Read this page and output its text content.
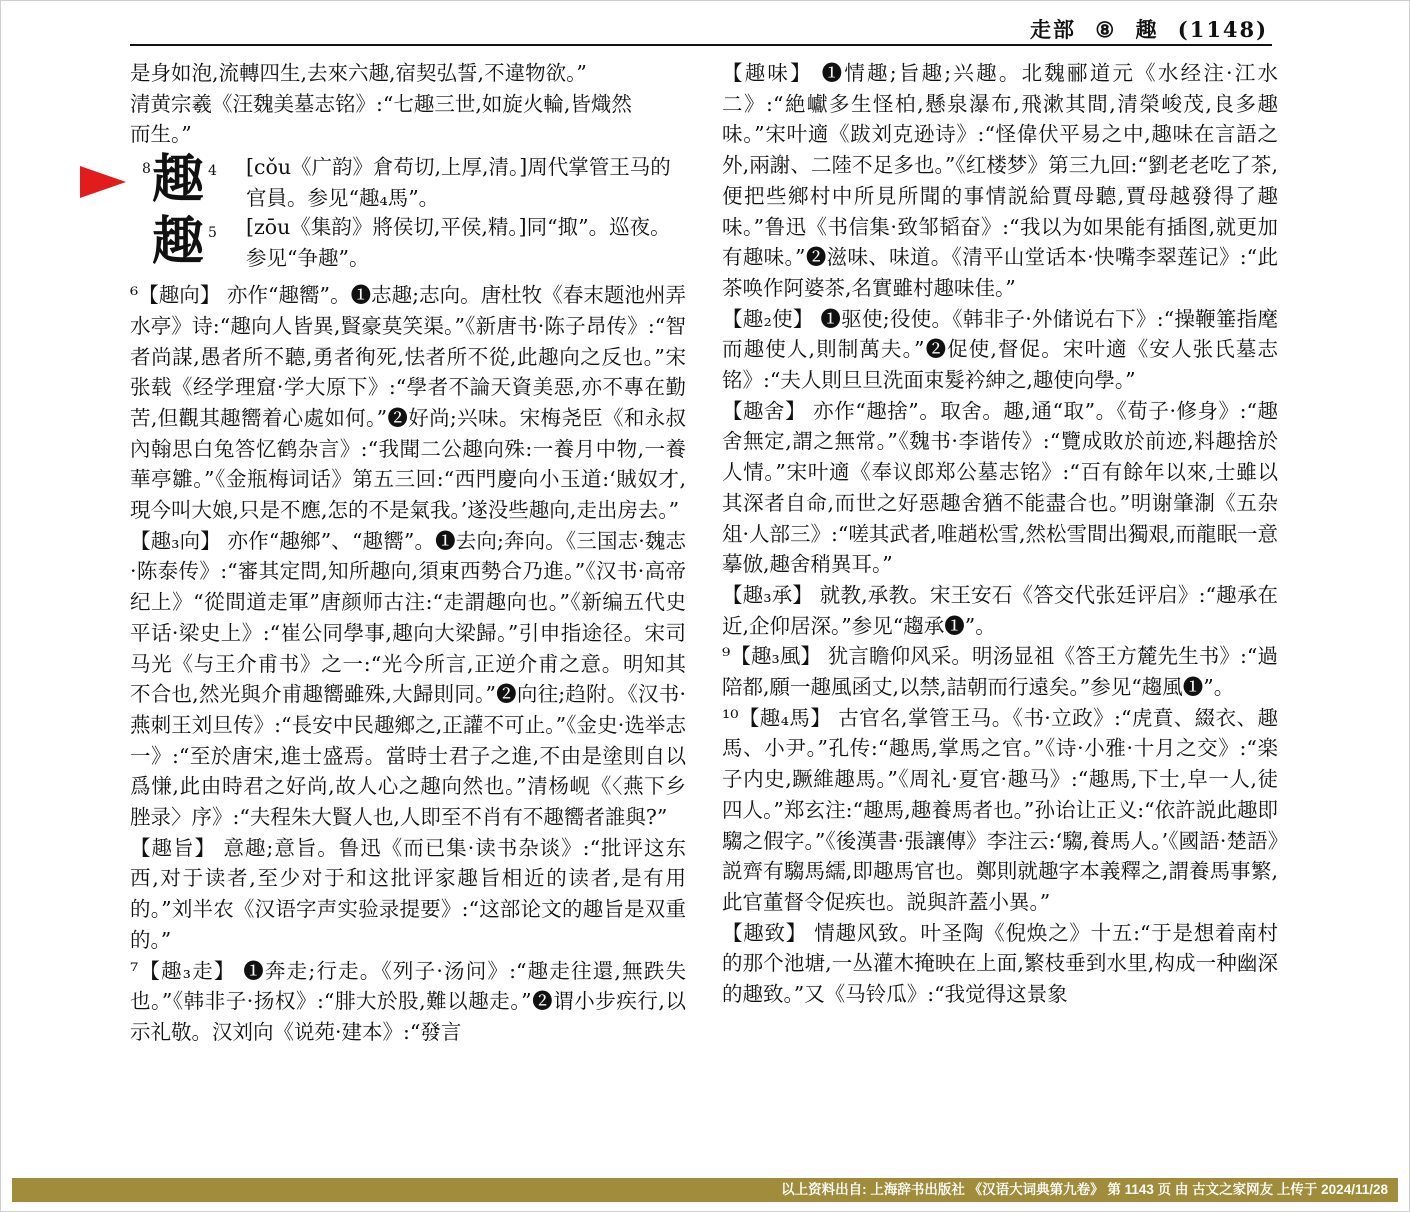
走部 ⑧ 趣 (1148)

是身如泡,流轉四生,去來六趣,宿契弘誓,不違物欲。”

清黄宗羲《汪魏美墓志铭》:“七趣三世,如旋火輪,皆熾然

而生。”

8 趣 4
趣 5
[cǒu《广韵》倉苟切,上厚,清。]周代掌管王马的官員。参见“趣₄馬”。
[zōu《集韵》將侯切,平侯,精。]同“掫”。巡夜。参见“争趣”。

⁶【趣向】 亦作“趣嚮”。❶志趣;志向。唐杜牧《春末题池州弄水亭》诗:“趣向人皆異,賢豪莫笑渠。”《新唐书·陈子昂传》:“智者尚謀,愚者所不聽,勇者徇死,怯者所不從,此趣向之反也。”宋张载《经学理窟·学大原下》:“學者不論天資美惡,亦不專在勤苦,但觀其趣嚮着心處如何。”❷好尚;兴味。宋梅尧臣《和永叔內翰思白兔答忆鹤杂言》:“我聞二公趣向殊:一養月中物,一養華亭雛。”《金瓶梅词话》第五三回:“西門慶向小玉道:‘賊奴才,現今叫大娘,只是不應,怎的不是氣我。’遂没些趣向,走出房去。”

【趣₃向】 亦作“趣鄉”、“趣嚮”。❶去向;奔向。《三国志·魏志·陈泰传》:“審其定問,知所趣向,須東西勢合乃進。”《汉书·高帝纪上》“從間道走軍”唐颜师古注:“走謂趣向也。”《新编五代史平话·梁史上》:“崔公同學事,趣向大梁歸。”引申指途径。宋司马光《与王介甫书》之一:“光今所言,正逆介甫之意。明知其不合也,然光與介甫趣嚮雖殊,大歸則同。”❷向往;趋附。《汉书·燕刺王刘旦传》:“長安中民趣鄉之,正讙不可止。”《金史·选举志一》:“至於唐宋,進士盛焉。當時士君子之進,不由是塗則自以爲慊,此由時君之好尚,故人心之趣向然也。”清杨岘《〈燕下乡脞录〉序》:“夫程朱大賢人也,人即至不肖有不趣嚮者誰與?”

【趣旨】 意趣;意旨。鲁迅《而已集·读书杂谈》:“批评这东西,对于读者,至少对于和这批评家趣旨相近的读者,是有用的。”刘半农《汉语字声实验录提要》:“这部论文的趣旨是双重的。”

⁷【趣₃走】 ❶奔走;行走。《列子·汤问》:“趣走往還,無跌失也。”《韩非子·扬权》:“腓大於股,難以趣走。”❷谓小步疾行,以示礼敬。汉刘向《说苑·建本》:“發言

【趣味】 ❶情趣;旨趣;兴趣。北魏郦道元《水经注·江水二》:“絶巘多生怪柏,懸泉瀑布,飛漱其間,清榮峻茂,良多趣味。”宋叶適《跋刘克逊诗》:“怪偉伏平易之中,趣味在言語之外,兩謝、二陸不足多也。”《红楼梦》第三九回:“劉老老吃了茶,便把些鄉村中所見所聞的事情説給賈母聽,賈母越發得了趣味。”鲁迅《书信集·致邹韬奋》:“我以为如果能有插图,就更加有趣味。”❷滋味、味道。《清平山堂话本·快嘴李翠莲记》:“此茶唤作阿婆茶,名實雖村趣味佳。”

【趣₂使】 ❶驱使;役使。《韩非子·外储说右下》:“操鞭箠指麾而趣使人,則制萬夫。”❷促使,督促。宋叶適《安人张氏墓志铭》:“夫人則旦旦洗面束髮衿紳之,趣使向學。”

【趣舍】 亦作“趣捨”。取舍。趣,通“取”。《荀子·修身》:“趣舍無定,謂之無常。”《魏书·李谐传》:“覽成敗於前迹,料趣捨於人情。”宋叶適《奉议郎郑公墓志铭》:“百有餘年以來,士雖以其深者自命,而世之好惡趣舍猶不能盡合也。”明谢肇淛《五杂俎·人部三》:“嗟其武者,唯趙松雪,然松雪間出獨艰,而龍眠一意摹倣,趣舍稍異耳。”

【趣₃承】 就教,承教。宋王安石《答交代张廷评启》:“趣承在近,企仰居深。”参见“趨承❶”。

⁹【趣₃風】 犹言瞻仰风采。明汤显祖《答王方麓先生书》:“過陪都,願一趣風函丈,以禁,詰朝而行遠矣。”参见“趨風❶”。

¹⁰【趣₄馬】 古官名,掌管王马。《书·立政》:“虎賁、綴衣、趣馬、小尹。”孔传:“趣馬,掌馬之官。”《诗·小雅·十月之交》:“楽子内史,蹶維趣馬。”《周礼·夏官·趣马》:“趣馬,下士,皁一人,徒四人。”郑玄注:“趣馬,趣養馬者也。”孙诒让正义:“依許説此趣即騶之假字。”《後漢書·張讓傳》李注云:‘騶,養馬人。’《國語·楚語》説齊有騶馬繻,即趣馬官也。鄭則就趣字本義釋之,謂養馬事繁,此官董督令促疾也。説與許蓋小異。”

【趣致】 情趣风致。叶圣陶《倪焕之》十五:“于是想着南村的那个池塘,一丛灌木掩映在上面,繁枝垂到水里,构成一种幽深的趣致。”又《马铃瓜》:“我觉得这景象

以上资料出自: 上海辞书出版社 《汉语大词典第九卷》 第 1143 页 由 古文之家网友 上传于 2024/11/28
